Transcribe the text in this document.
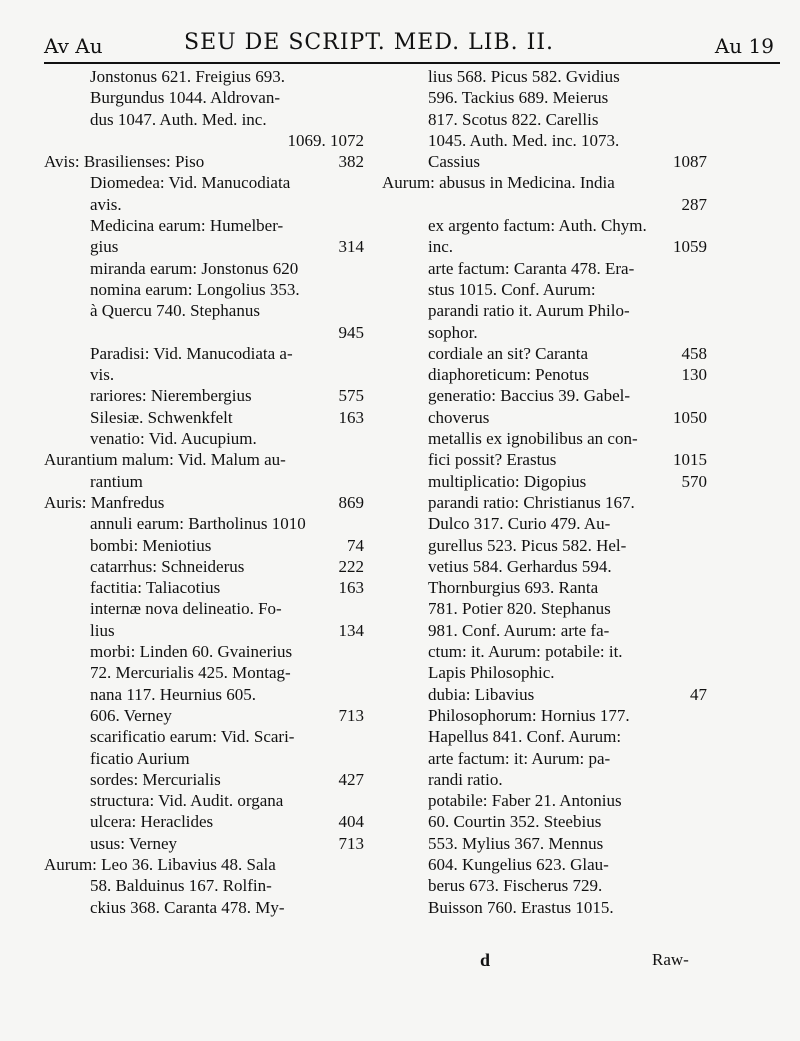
Av Au	SEU DE SCRIPT. MED. LIB. II.	Au 19
Jonstonus 621. Freigius 693.
Burgundus 1044. Aldrovan-
dus 1047. Auth. Med. inc.
1069. 1072
Avis: Brasilienses: Piso	382
Diomedea: Vid. Manucodiata
avis.
Medicina earum: Humelber-
gius	314
miranda earum: Jonstonus 620
nomina earum: Longolius 353.
à Quercu 740. Stephanus
945
Paradisi: Vid. Manucodiata a-
vis.
rariores: Nierembergius	575
Silesiæ. Schwenkfelt	163
venatio: Vid. Aucupium.
Aurantium malum: Vid. Malum au-
rantium
Auris: Manfredus	869
annuli earum: Bartholinus 1010
bombi: Meniotius	74
catarrhus: Schneiderus	222
factitia: Taliacotius	163
internæ nova delineatio. Fo-
lius	134
morbi: Linden 60. Gvainerius
72. Mercurialis 425. Montag-
nana 117. Heurnius 605.
606. Verney	713
scarificatio earum: Vid. Scari-
ficatio Aurium
sordes: Mercurialis	427
structura: Vid. Audit. organa
ulcera: Heraclides	404
usus: Verney	713
Aurum: Leo 36. Libavius 48. Sala
58. Balduinus 167. Rolfin-
ckius 368. Caranta 478. My-
lius 568. Picus 582. Gvidius
596. Tackius 689. Meierus
817. Scotus 822. Carellis
1045. Auth. Med. inc. 1073.
Cassius	1087
Aurum: abusus in Medicina. India
287
ex argento factum: Auth. Chym.
inc.	1059
arte factum: Caranta 478. Era-
stus 1015. Conf. Aurum:
parandi ratio it. Aurum Philo-
sophor.
cordiale an sit? Caranta	458
diaphoreticum: Penotus	130
generatio: Baccius 39. Gabel-
choverus	1050
metallis ex ignobilibus an con-
fici possit? Erastus	1015
multiplicatio: Digopius	570
parandi ratio: Christianus 167.
Dulco 317. Curio 479. Au-
gurellus 523. Picus 582. Hel-
vetius 584. Gerhardus 594.
Thornburgius 693. Ranta
781. Potier 820. Stephanus
981. Conf. Aurum: arte fa-
ctum: it. Aurum: potabile: it.
Lapis Philosophic.
dubia: Libavius	47
Philosophorum: Hornius 177.
Hapellus 841. Conf. Aurum:
arte factum: it: Aurum: pa-
randi ratio.
potabile: Faber 21. Antonius
60. Courtin 352. Steebius
553. Mylius 367. Mennus
604. Kungelius 623. Glau-
berus 673. Fischerus 729.
Buisson 760. Erastus 1015.
d	Raw-
